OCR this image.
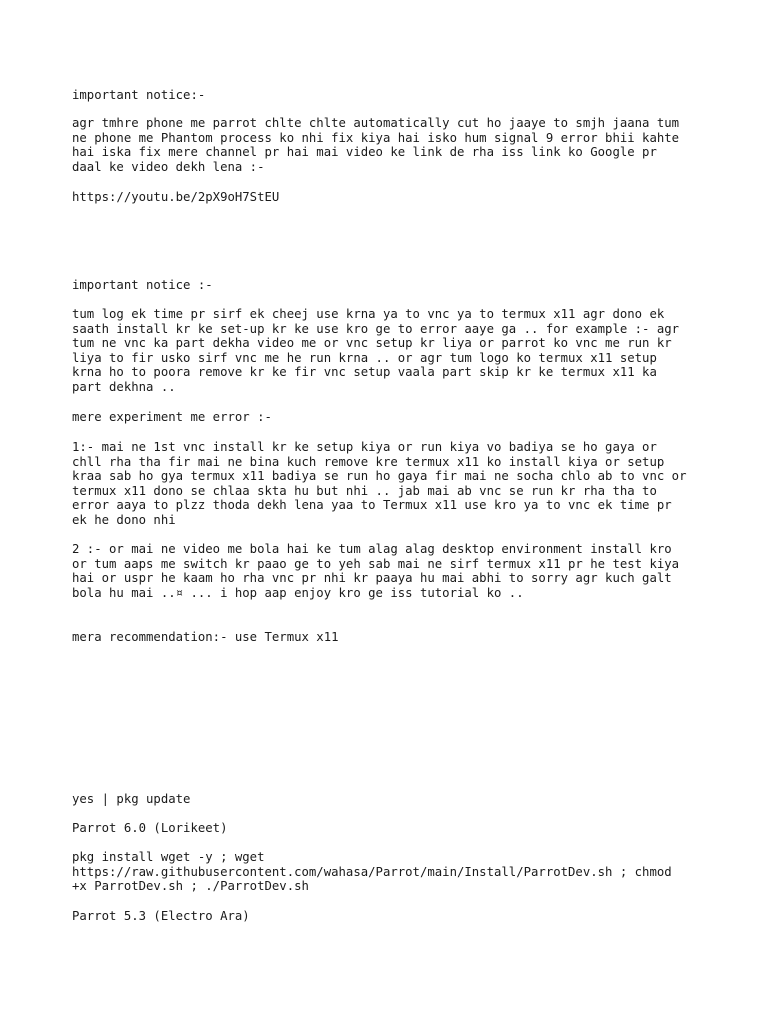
important notice:-

agr tmhre phone me parrot chlte chlte automatically cut ho jaaye to smjh jaana tum
ne phone me Phantom process ko nhi fix kiya hai isko hum signal 9 error bhii kahte
hai iska fix mere channel pr hai mai video ke link de rha iss link ko Google pr
daal ke video dekh lena :-

https://youtu.be/2pX9oH7StEU

important notice :-

tum log ek time pr sirf ek cheej use krna ya to vnc ya to termux x11 agr dono ek
saath install kr ke set-up kr ke use kro ge to error aaye ga .. for example :- agr
tum ne vnc ka part dekha video me or vnc setup kr liya or parrot ko vnc me run kr
liya to fir usko sirf vnc me he run krna .. or agr tum logo ko termux x11 setup
krna ho to poora remove kr ke fir vnc setup vaala part skip kr ke termux x11 ka
part dekhna ..

mere experiment me error :-

1:- mai ne 1st vnc install kr ke setup kiya or run kiya vo badiya se ho gaya or
chll rha tha fir mai ne bina kuch remove kre termux x11 ko install kiya or setup
kraa sab ho gya termux x11 badiya se run ho gaya fir mai ne socha chlo ab to vnc or
termux x11 dono se chlaa skta hu but nhi .. jab mai ab vnc se run kr rha tha to
error aaya to plzz thoda dekh lena yaa to Termux x11 use kro ya to vnc ek time pr
ek he dono nhi

2 :- or mai ne video me bola hai ke tum alag alag desktop environment install kro
or tum aaps me switch kr paao ge to yeh sab mai ne sirf termux x11 pr he test kiya
hai or uspr he kaam ho rha vnc pr nhi kr paaya hu mai abhi to sorry agr kuch galt
bola hu mai ..¤ ... i hop aap enjoy kro ge iss tutorial ko ..

mera recommendation:- use Termux x11

yes | pkg update

Parrot 6.0 (Lorikeet)

pkg install wget -y ; wget
https://raw.githubusercontent.com/wahasa/Parrot/main/Install/ParrotDev.sh ; chmod
+x ParrotDev.sh ; ./ParrotDev.sh

Parrot 5.3 (Electro Ara)
